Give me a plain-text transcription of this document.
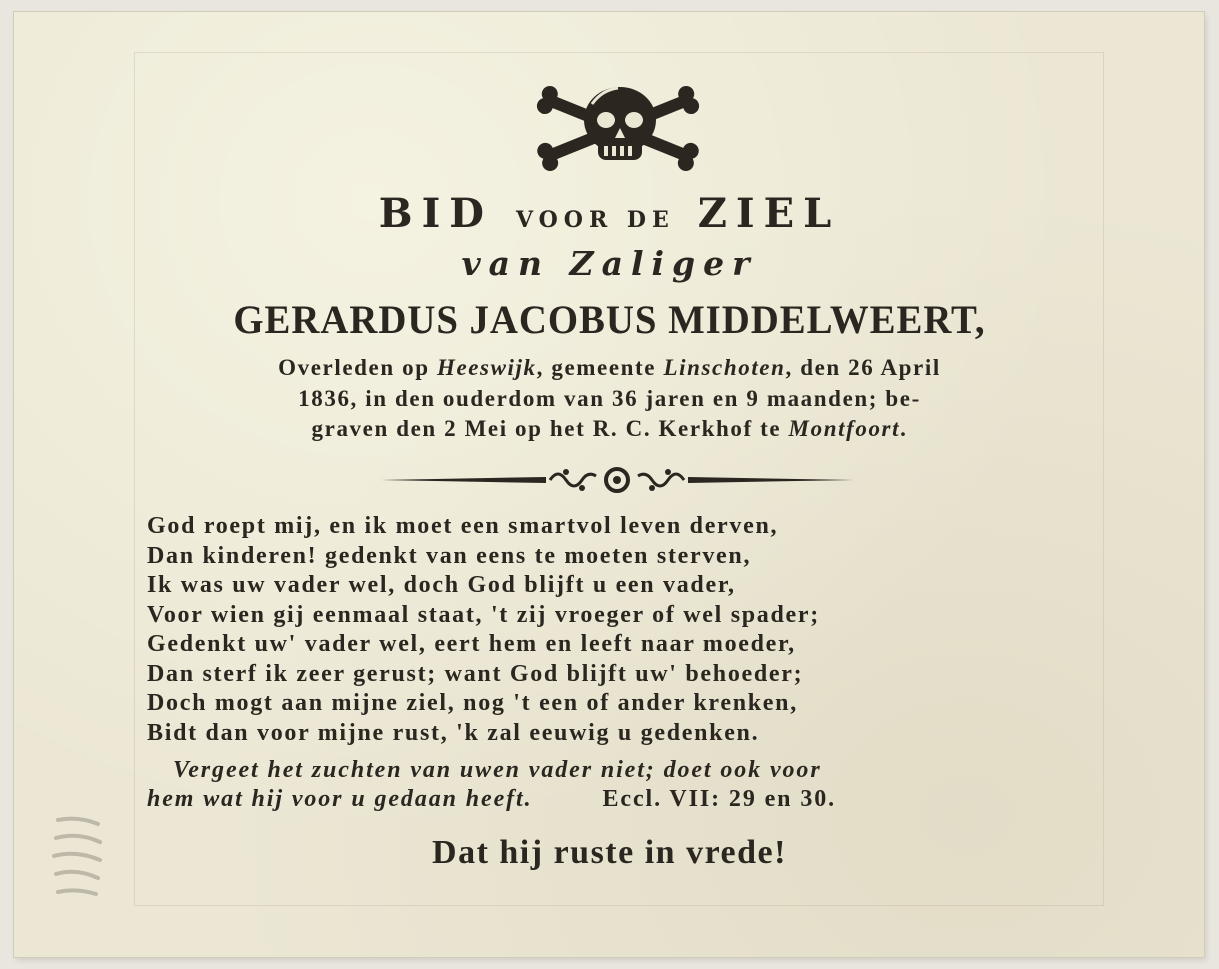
BID VOOR DE ZIEL
van Zaliger
GERARDUS JACOBUS MIDDELWEERT,
Overleden op Heeswijk, gemeente Linschoten, den 26 April
1836, in den ouderdom van 36 jaren en 9 maanden; be-
graven den 2 Mei op het R. C. Kerkhof te Montfoort.
God roept mij, en ik moet een smartvol leven derven,
Dan kinderen! gedenkt van eens te moeten sterven,
Ik was uw vader wel, doch God blijft u een vader,
Voor wien gij eenmaal staat, 't zij vroeger of wel spader;
Gedenkt uw' vader wel, eert hem en leeft naar moeder,
Dan sterf ik zeer gerust; want God blijft uw' behoeder;
Doch mogt aan mijne ziel, nog 't een of ander krenken,
Bidt dan voor mijne rust, 'k zal eeuwig u gedenken.
Vergeet het zuchten van uwen vader niet; doet ook voor
hem wat hij voor u gedaan heeft.	Eccl. VII: 29 en 30.
Dat hij ruste in vrede!
